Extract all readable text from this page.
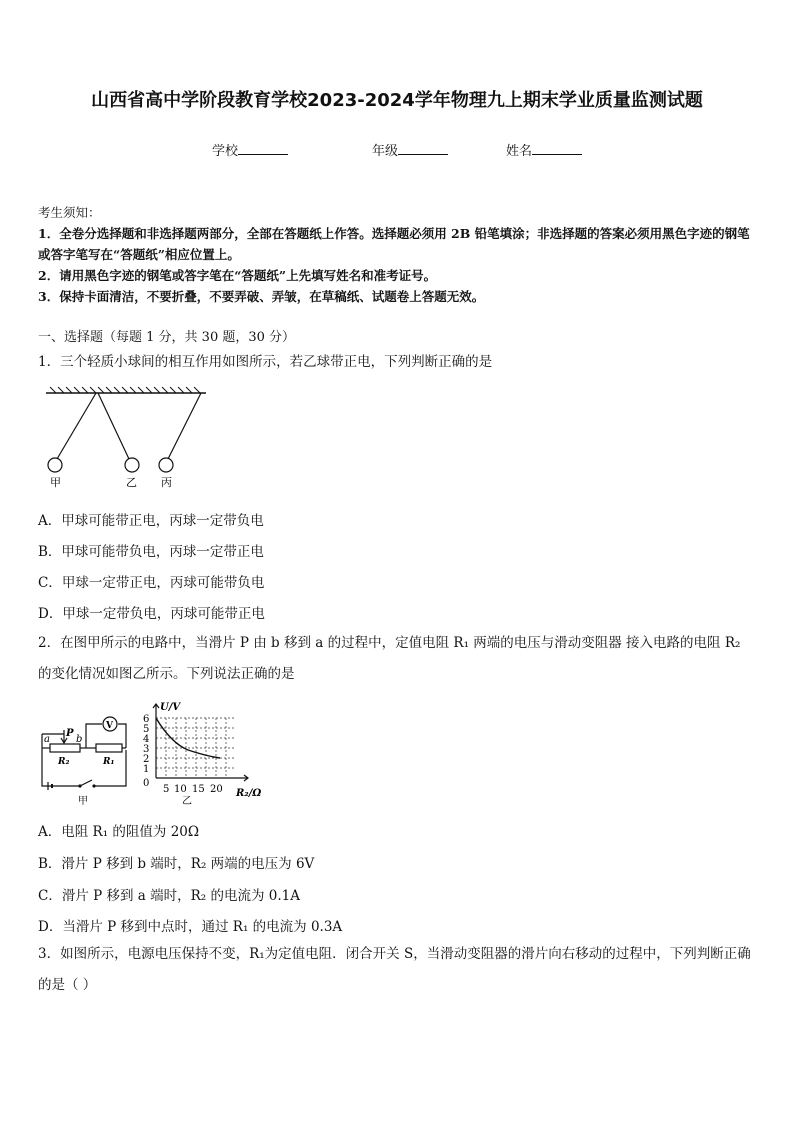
山西省高中学阶段教育学校2023-2024学年物理九上期末学业质量监测试题
学校	年级	姓名
考生须知：
1．全卷分选择题和非选择题两部分，全部在答题纸上作答。选择题必须用 2B 铅笔填涂；非选择题的答案必须用黑色字迹的钢笔或答字笔写在“答题纸”相应位置上。
2．请用黑色字迹的钢笔或答字笔在“答题纸”上先填写姓名和准考证号。
3．保持卡面清洁，不要折叠，不要弄破、弄皱，在草稿纸、试题卷上答题无效。
一、选择题（每题 1 分，共 30 题，30 分）
1．三个轻质小球间的相互作用如图所示，若乙球带正电，下列判断正确的是
甲	乙 丙
A．甲球可能带正电，丙球一定带负电
B．甲球可能带负电，丙球一定带正电
C．甲球一定带正电，丙球可能带负电
D．甲球一定带负电，丙球可能带正电
2．在图甲所示的电路中，当滑片 P 由 b 移到 a 的过程中，定值电阻 R₁ 两端的电压与滑动变阻器 接入电路的电阻 R₂ 的变化情况如图乙所示。下列说法正确的是
a
P
b
R₂	R₁
V
甲
U/V
6
5
4
3
2
1
0
5 10 15 20 R₂/Ω
乙
A．电阻 R₁ 的阻值为 20Ω
B．滑片 P 移到 b 端时，R₂ 两端的电压为 6V
C．滑片 P 移到 a 端时，R₂ 的电流为 0.1A
D．当滑片 P 移到中点时，通过 R₁ 的电流为 0.3A
3．如图所示，电源电压保持不变，R₁为定值电阻．闭合开关 S，当滑动变阻器的滑片向右移动的过程中，下列判断正确的是（ ）
